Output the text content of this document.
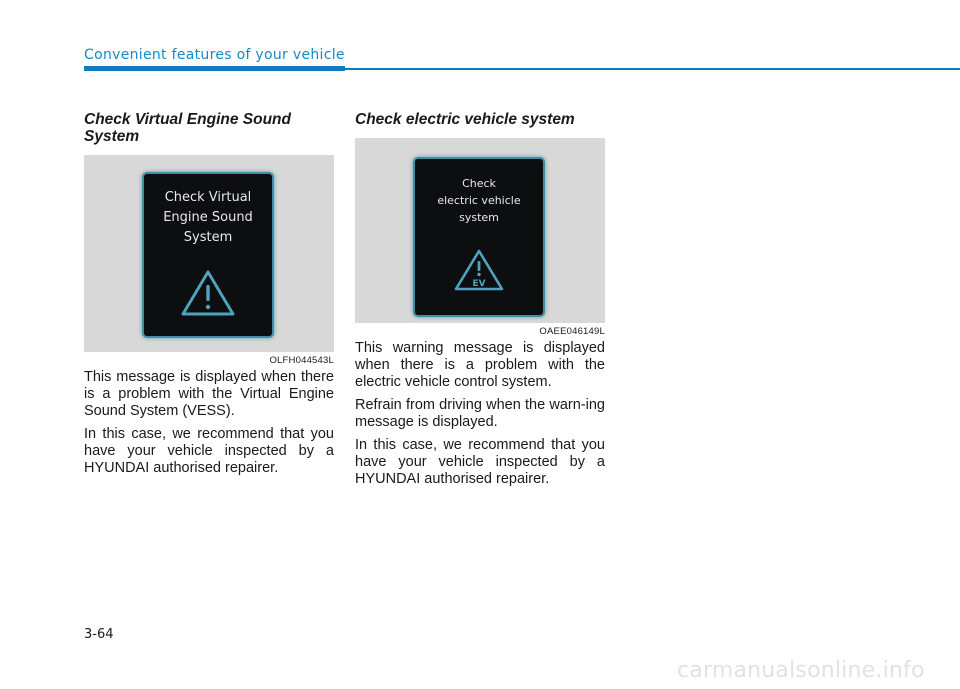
Convenient features of your vehicle
Check Virtual Engine Sound System
Check Virtual
Engine Sound
System
OLFH044543L

This message is displayed when there is a problem with the Virtual Engine Sound System (VESS).

In this case, we recommend that you have your vehicle inspected by a HYUNDAI authorised repairer.

Check electric vehicle system
Check
electric vehicle
system
EV
OAEE046149L

This warning message is displayed when there is a problem with the electric vehicle control system.

Refrain from driving when the warn-ing message is displayed.

In this case, we recommend that you have your vehicle inspected by a HYUNDAI authorised repairer.

3-64
carmanualsonline.info
